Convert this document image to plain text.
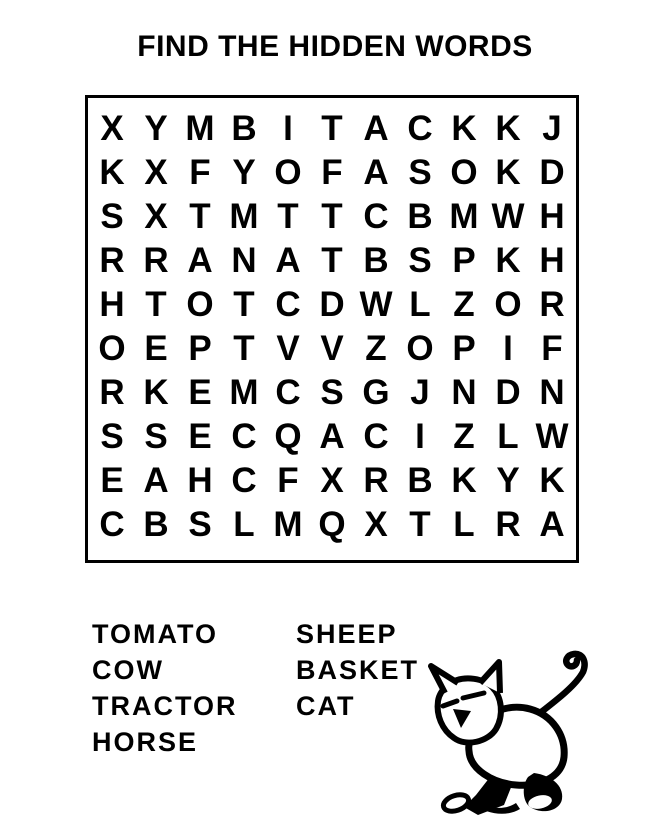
FIND THE HIDDEN WORDS
X Y M B I T A C K K J
K X F Y O F A S O K D
S X T M T T C B M W H
R R A N A T B S P K H
H T O T C D W L Z O R
O E P T V V Z O P I F
R K E M C S G J N D N
S S E C Q A C I Z L W
E A H C F X R B K Y K
C B S L M Q X T L R A
TOMATO
COW
TRACTOR
HORSE
SHEEP
BASKET
CAT
